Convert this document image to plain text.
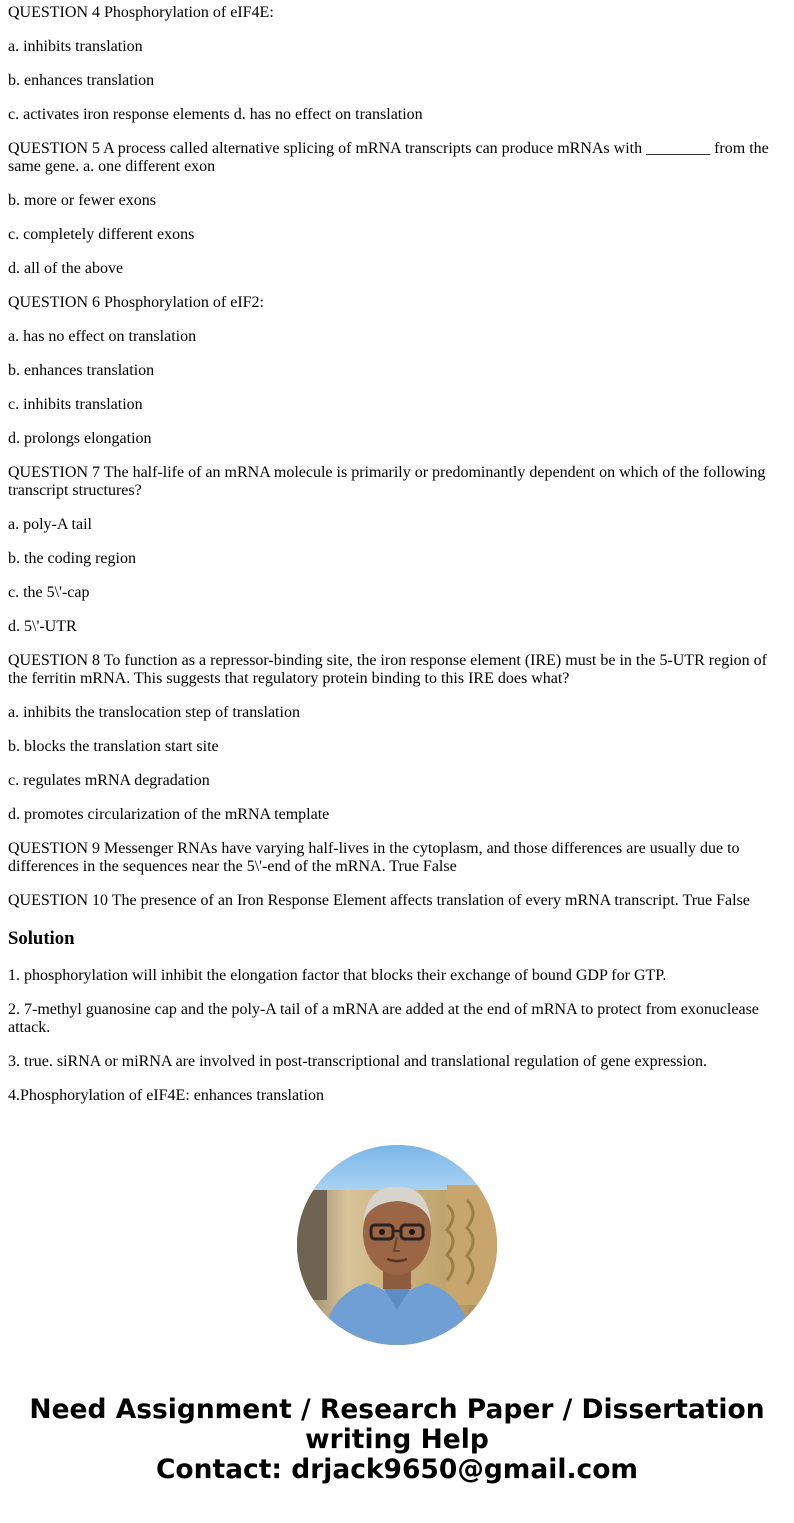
QUESTION 4 Phosphorylation of eIF4E:

a. inhibits translation

b. enhances translation

c. activates iron response elements d. has no effect on translation

QUESTION 5 A process called alternative splicing of mRNA transcripts can produce mRNAs with ________ from the same gene. a. one different exon

b. more or fewer exons

c. completely different exons

d. all of the above

QUESTION 6 Phosphorylation of eIF2:

a. has no effect on translation

b. enhances translation

c. inhibits translation

d. prolongs elongation

QUESTION 7 The half-life of an mRNA molecule is primarily or predominantly dependent on which of the following transcript structures?

a. poly-A tail

b. the coding region

c. the 5\'-cap

d. 5\'-UTR

QUESTION 8 To function as a repressor-binding site, the iron response element (IRE) must be in the 5-UTR region of the ferritin mRNA. This suggests that regulatory protein binding to this IRE does what?

a. inhibits the translocation step of translation

b. blocks the translation start site

c. regulates mRNA degradation

d. promotes circularization of the mRNA template

QUESTION 9 Messenger RNAs have varying half-lives in the cytoplasm, and those differences are usually due to differences in the sequences near the 5\'-end of the mRNA. True False

QUESTION 10 The presence of an Iron Response Element affects translation of every mRNA transcript. True False

Solution

1. phosphorylation will inhibit the elongation factor that blocks their exchange of bound GDP for GTP.

2. 7-methyl guanosine cap and the poly-A tail of a mRNA are added at the end of mRNA to protect from exonuclease attack.

3. true. siRNA or miRNA are involved in post-transcriptional and translational regulation of gene expression.

4.Phosphorylation of eIF4E: enhances translation

Need Assignment / Research Paper / Dissertation writing Help
Contact: drjack9650@gmail.com
